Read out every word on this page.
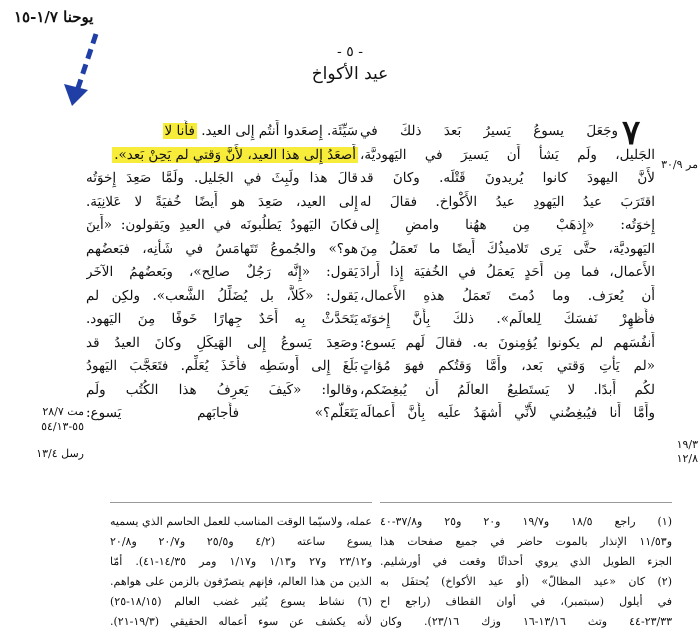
يوحنا ١/٧-١٥
- ٥ -
عيد الأكواخ
٧
مر ٣٠/٩
١٩/٣
١٢/٨
مت ٢٨/٧
٥٥-٥٤/١٣
رسل ١٣/٤
وجَعَلَ يسوعُ يَسيرُ بَعدَ ذلكَ في
الجَليل، ولَم يَشأْ أَن يَسيرَ في اليَهوديَّة،
لأَنَّ اليهودَ كانوا يُريدونَ قَتْلَه. وكانَ قد
اقتَرَبَ عيدُ اليَهودِ عيدُ الأَكْواخ. فقالَ له
إِخوَتُه: «إِذهَبْ مِن ههُنا وامضِ إِلى
اليَهوديَّة، حتَّى يَرى تَلاميذُكَ أَيضًا ما تَعمَلُ مِنَ
الأَعمال، فما مِن أَحَدٍ يَعمَلُ في الخُفيَة إِذا أَرادَ
أَن يُعرَف. وما دُمتَ تَعمَلُ هذهِ الأَعمال،
فأَظهِرْ نَفسَكَ لِلعالَم». ذلكَ بِأَنَّ إِخوَتَه
أَنفُسَهم لم يكونوا يُؤمِنونَ به. فقالَ لَهم يَسوع:
«لم يَأْتِ وَقتي بَعد، وأَمَّا وَقتُكم فهوَ مُؤاتٍ
لكُم أَبدًا. لا يَستَطيعُ العالَمُ أَن يُبغِضَكم،
وأَمَّا أَنا فيُبغِضُني لأَنِّي أَشهَدُ علَيه بِأَنَّ أَعمالَه
سَيِّئَة. إِصعَدوا أَنتُم إِلى العيد. فأَنا لا
أَصعَدُ إِلى هذا العيد، لأَنَّ وَقتي لم يَحِنْ بَعد».
قالَ هذا ولَبِثَ في الجَليل. ولَمَّا صَعِدَ إِخوَتُه
إِلى العيد، صَعِدَ هو أَيضًا خُفيَةً لا عَلانِيَة.
فكانَ اليَهودُ يَطلُبونَه في العيدِ ويَقولون: «أَينَ
هو؟» والجُموعُ تَتَهامَسُ في شَأنِه، فبَعضُهم
يَقول: «إِنَّه رَجُلٌ صالِح»، وبَعضُهمُ الآخَر
يَقول: «كَلاَّ، بل يُضَلِّلُ الشَّعب». ولكِن لم
يَتَحَدَّثْ بِه أَحَدٌ جِهارًا خَوفًا مِنَ اليَهود.
وصَعِدَ يَسوعُ إِلى الهَيكَلِ وكانَ العيدُ قد
بَلَغَ إِلى أَوسَطِه فأَخَذَ يُعَلِّم. فتَعَجَّبَ اليَهودُ
وقالوا: «كَيفَ يَعرِفُ هذا الكُتُب ولَم
يَتَعَلَّم؟» فأَجابَهم يَسوع:
(١) راجع ١٨/٥ و١٩/٧ و٢٠ و٢٥ و٣٧/٨-٤٠
و١١/٥٣ الإنذار بالموت حاضر في جميع صفحات هذا
الجزء الطويل الذي يروي أحداثًا وقعت في أورشليم.
(٢) كان «عيد المظالّ» (أو عيد الأكواخ) يُحتفَل به
في أيلول (سبتمبر)، في أوان القطاف (راجع اح
٢٣/٣٣-٤٤ وتث ١٣/١٦-١٦ وزك ٢٣/١٦). وكان
عمله، ولاسيّما الوقت المناسب للعمل الحاسم الذي يسميه
يسوع ساعته (٤/٢ و٢٥/٥ و٢٠/٧ و٢٠/٨
و٢٣/١٢ و٢٧ و١/١٣ و١/١٧ ومر ١٤/٣٥-٤١). أمّا
الذين من هذا العالم، فإنهم يتصرّفون بالزمن على هواهم.
(٦) نشاط يسوع يُثير غضب العالم (١٨/١٥-٢٥)
لأنه يكشف عن سوء أعماله الحقيقي (١٩/٣-٢١).
